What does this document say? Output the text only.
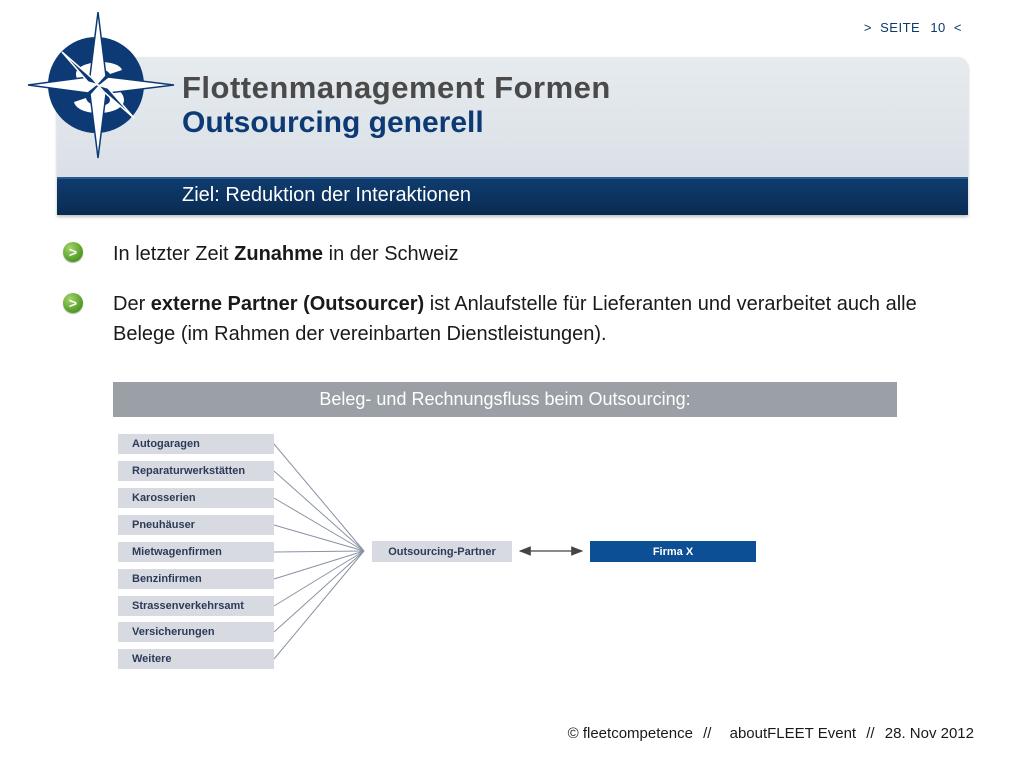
> SEITE 10 <
Flottenmanagement Formen
Outsourcing generell
Ziel: Reduktion der Interaktionen
> In letzter Zeit Zunahme in der Schweiz
> Der externe Partner (Outsourcer) ist Anlaufstelle für Lieferanten und verarbeitet auch alle Belege (im Rahmen der vereinbarten Dienstleistungen).
Beleg- und Rechnungsfluss beim Outsourcing:
Autogaragen
Reparaturwerkstätten
Karosserien
Pneuhäuser
Mietwagenfirmen
Benzinfirmen
Strassenverkehrsamt
Versicherungen
Weitere
Outsourcing-Partner	Firma X
© fleetcompetence // aboutFLEET Event // 28. Nov 2012
